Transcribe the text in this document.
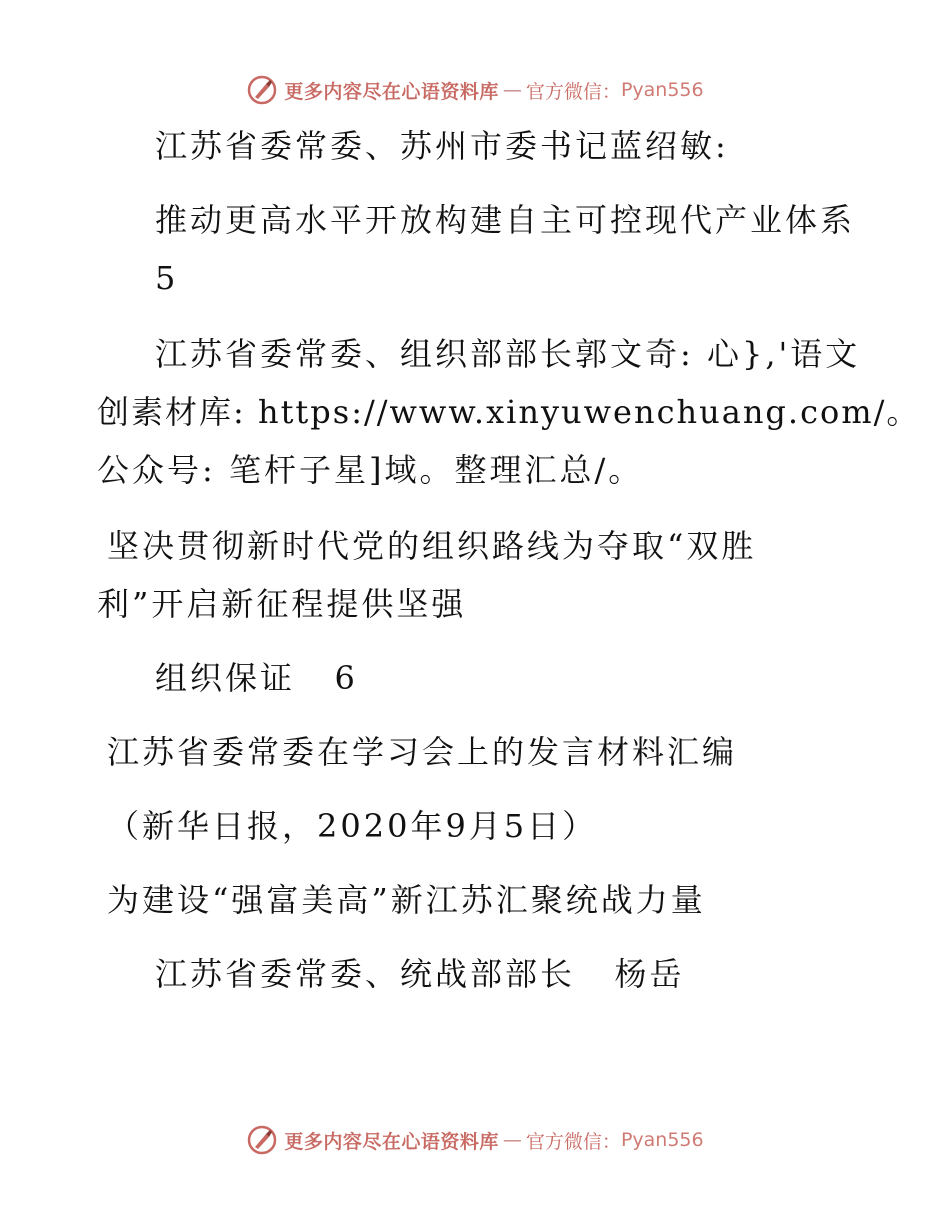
更多内容尽在心语资料库 — 官方微信： Pyan556
江苏省委常委、苏州市委书记蓝绍敏:
推动更高水平开放构建自主可控现代产业体系
5
江苏省委常委、组织部部长郭文奇: 心},'语文
创素材库: https://www.xinyuwenchuang.com/。
公众号: 笔杆子星]域。整理汇总/。
坚决贯彻新时代党的组织路线为夺取“双胜
利”开启新征程提供坚强
组织保证   6
江苏省委常委在学习会上的发言材料汇编
（新华日报，2020年9月5日）
为建设“强富美高”新江苏汇聚统战力量
江苏省委常委、统战部部长   杨岳
更多内容尽在心语资料库 — 官方微信： Pyan556
